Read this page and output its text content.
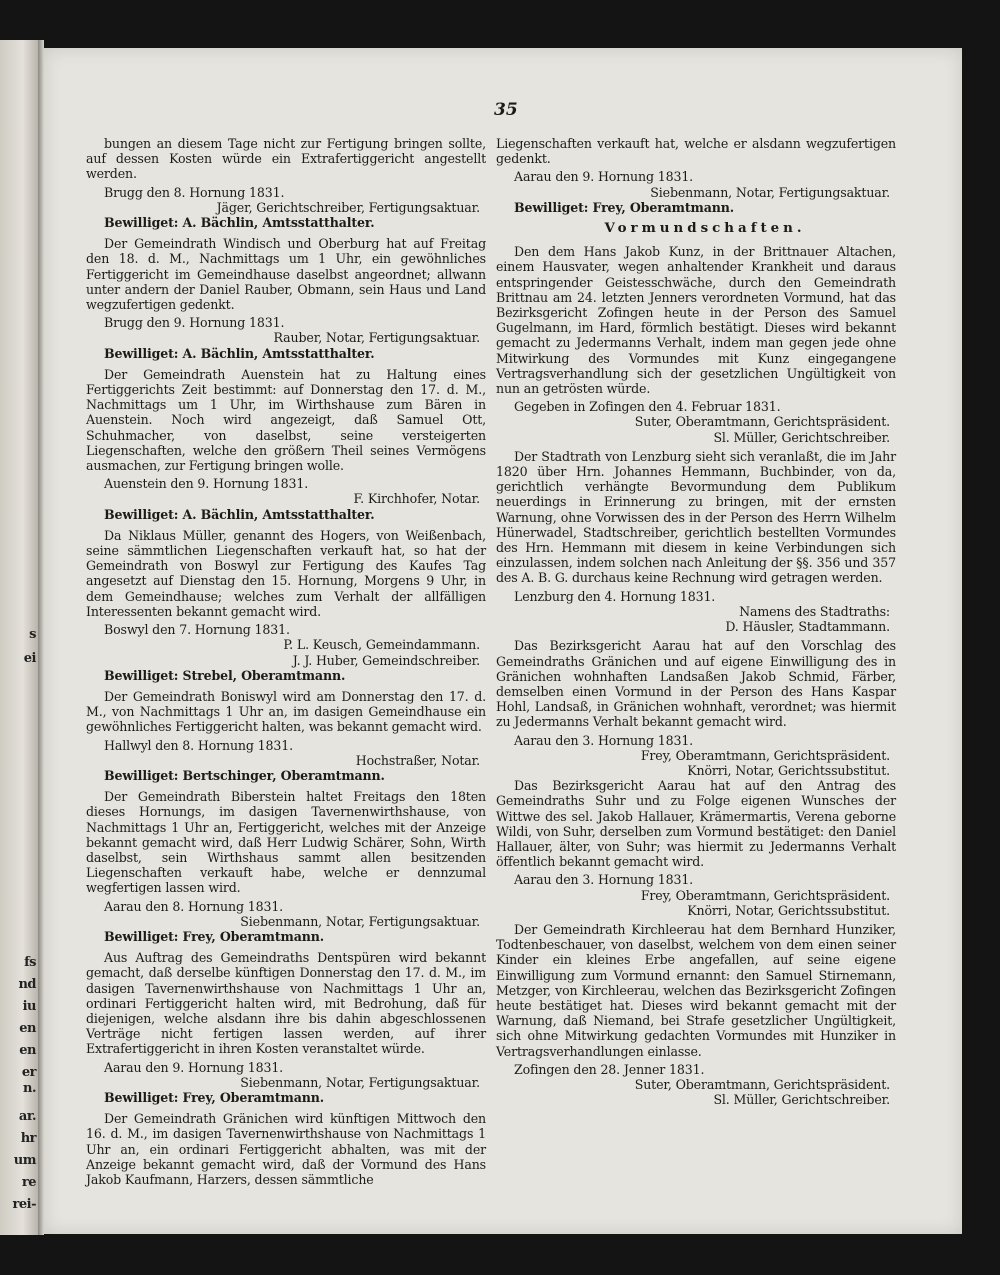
s
ei
fs
nd
iu
en
en
er
n.
ar.
hr
um
re
rei-
35

bungen an diesem Tage nicht zur Fertigung bringen sollte, auf dessen Kosten würde ein Extrafertiggericht angestellt werden.

Brugg den 8. Hornung 1831.

Jäger, Gerichtschreiber, Fertigungsaktuar.

Bewilliget: A. Bächlin, Amtsstatthalter.

Der Gemeindrath Windisch und Oberburg hat auf Freitag den 18. d. M., Nachmittags um 1 Uhr, ein gewöhnliches Fertiggericht im Gemeindhause daselbst angeordnet; allwann unter andern der Daniel Rauber, Obmann, sein Haus und Land wegzufertigen gedenkt.

Brugg den 9. Hornung 1831.

Rauber, Notar, Fertigungsaktuar.

Bewilliget: A. Bächlin, Amtsstatthalter.

Der Gemeindrath Auenstein hat zu Haltung eines Fertiggerichts Zeit bestimmt: auf Donnerstag den 17. d. M., Nachmittags um 1 Uhr, im Wirthshause zum Bären in Auenstein. Noch wird angezeigt, daß Samuel Ott, Schuhmacher, von daselbst, seine versteigerten Liegenschaften, welche den größern Theil seines Vermögens ausmachen, zur Fertigung bringen wolle.

Auenstein den 9. Hornung 1831.

F. Kirchhofer, Notar.

Bewilliget: A. Bächlin, Amtsstatthalter.

Da Niklaus Müller, genannt des Hogers, von Weißenbach, seine sämmtlichen Liegenschaften verkauft hat, so hat der Gemeindrath von Boswyl zur Fertigung des Kaufes Tag angesetzt auf Dienstag den 15. Hornung, Morgens 9 Uhr, in dem Gemeindhause; welches zum Verhalt der allfälligen Interessenten bekannt gemacht wird.

Boswyl den 7. Hornung 1831.

P. L. Keusch, Gemeindammann.

J. J. Huber, Gemeindschreiber.

Bewilliget: Strebel, Oberamtmann.

Der Gemeindrath Boniswyl wird am Donnerstag den 17. d. M., von Nachmittags 1 Uhr an, im dasigen Gemeindhause ein gewöhnliches Fertiggericht halten, was bekannt gemacht wird.

Hallwyl den 8. Hornung 1831.

Hochstraßer, Notar.

Bewilliget: Bertschinger, Oberamtmann.

Der Gemeindrath Biberstein haltet Freitags den 18ten dieses Hornungs, im dasigen Tavernenwirthshause, von Nachmittags 1 Uhr an, Fertiggericht, welches mit der Anzeige bekannt gemacht wird, daß Herr Ludwig Schärer, Sohn, Wirth daselbst, sein Wirthshaus sammt allen besitzenden Liegenschaften verkauft habe, welche er dennzumal wegfertigen lassen wird.

Aarau den 8. Hornung 1831.

Siebenmann, Notar, Fertigungsaktuar.

Bewilliget: Frey, Oberamtmann.

Aus Auftrag des Gemeindraths Dentspüren wird bekannt gemacht, daß derselbe künftigen Donnerstag den 17. d. M., im dasigen Tavernenwirthshause von Nachmittags 1 Uhr an, ordinari Fertiggericht halten wird, mit Bedrohung, daß für diejenigen, welche alsdann ihre bis dahin abgeschlossenen Verträge nicht fertigen lassen werden, auf ihrer Extrafertiggericht in ihren Kosten veranstaltet würde.

Aarau den 9. Hornung 1831.

Siebenmann, Notar, Fertigungsaktuar.

Bewilliget: Frey, Oberamtmann.

Der Gemeindrath Gränichen wird künftigen Mittwoch den 16. d. M., im dasigen Tavernenwirthshause von Nachmittags 1 Uhr an, ein ordinari Fertiggericht abhalten, was mit der Anzeige bekannt gemacht wird, daß der Vormund des Hans Jakob Kaufmann, Harzers, dessen sämmtliche

Liegenschaften verkauft hat, welche er alsdann wegzufertigen gedenkt.

Aarau den 9. Hornung 1831.

Siebenmann, Notar, Fertigungsaktuar.

Bewilliget: Frey, Oberamtmann.

Vormundschaften.

Den dem Hans Jakob Kunz, in der Brittnauer Altachen, einem Hausvater, wegen anhaltender Krankheit und daraus entspringender Geistesschwäche, durch den Gemeindrath Brittnau am 24. letzten Jenners verordneten Vormund, hat das Bezirksgericht Zofingen heute in der Person des Samuel Gugelmann, im Hard, förmlich bestätigt. Dieses wird bekannt gemacht zu Jedermanns Verhalt, indem man gegen jede ohne Mitwirkung des Vormundes mit Kunz eingegangene Vertragsverhandlung sich der gesetzlichen Ungültigkeit von nun an getrösten würde.

Gegeben in Zofingen den 4. Februar 1831.

Suter, Oberamtmann, Gerichtspräsident.

Sl. Müller, Gerichtschreiber.

Der Stadtrath von Lenzburg sieht sich veranlaßt, die im Jahr 1820 über Hrn. Johannes Hemmann, Buchbinder, von da, gerichtlich verhängte Bevormundung dem Publikum neuerdings in Erinnerung zu bringen, mit der ernsten Warnung, ohne Vorwissen des in der Person des Herrn Wilhelm Hünerwadel, Stadtschreiber, gerichtlich bestellten Vormundes des Hrn. Hemmann mit diesem in keine Verbindungen sich einzulassen, indem solchen nach Anleitung der §§. 356 und 357 des A. B. G. durchaus keine Rechnung wird getragen werden.

Lenzburg den 4. Hornung 1831.

Namens des Stadtraths:

D. Häusler, Stadtammann.

Das Bezirksgericht Aarau hat auf den Vorschlag des Gemeindraths Gränichen und auf eigene Einwilligung des in Gränichen wohnhaften Landsaßen Jakob Schmid, Färber, demselben einen Vormund in der Person des Hans Kaspar Hohl, Landsaß, in Gränichen wohnhaft, verordnet; was hiermit zu Jedermanns Verhalt bekannt gemacht wird.

Aarau den 3. Hornung 1831.

Frey, Oberamtmann, Gerichtspräsident.

Knörri, Notar, Gerichtssubstitut.

Das Bezirksgericht Aarau hat auf den Antrag des Gemeindraths Suhr und zu Folge eigenen Wunsches der Wittwe des sel. Jakob Hallauer, Krämermartis, Verena geborne Wildi, von Suhr, derselben zum Vormund bestätiget: den Daniel Hallauer, älter, von Suhr; was hiermit zu Jedermanns Verhalt öffentlich bekannt gemacht wird.

Aarau den 3. Hornung 1831.

Frey, Oberamtmann, Gerichtspräsident.

Knörri, Notar, Gerichtssubstitut.

Der Gemeindrath Kirchleerau hat dem Bernhard Hunziker, Todtenbeschauer, von daselbst, welchem von dem einen seiner Kinder ein kleines Erbe angefallen, auf seine eigene Einwilligung zum Vormund ernannt: den Samuel Stirnemann, Metzger, von Kirchleerau, welchen das Bezirksgericht Zofingen heute bestätiget hat. Dieses wird bekannt gemacht mit der Warnung, daß Niemand, bei Strafe gesetzlicher Ungültigkeit, sich ohne Mitwirkung gedachten Vormundes mit Hunziker in Vertragsverhandlungen einlasse.

Zofingen den 28. Jenner 1831.

Suter, Oberamtmann, Gerichtspräsident.

Sl. Müller, Gerichtschreiber.
